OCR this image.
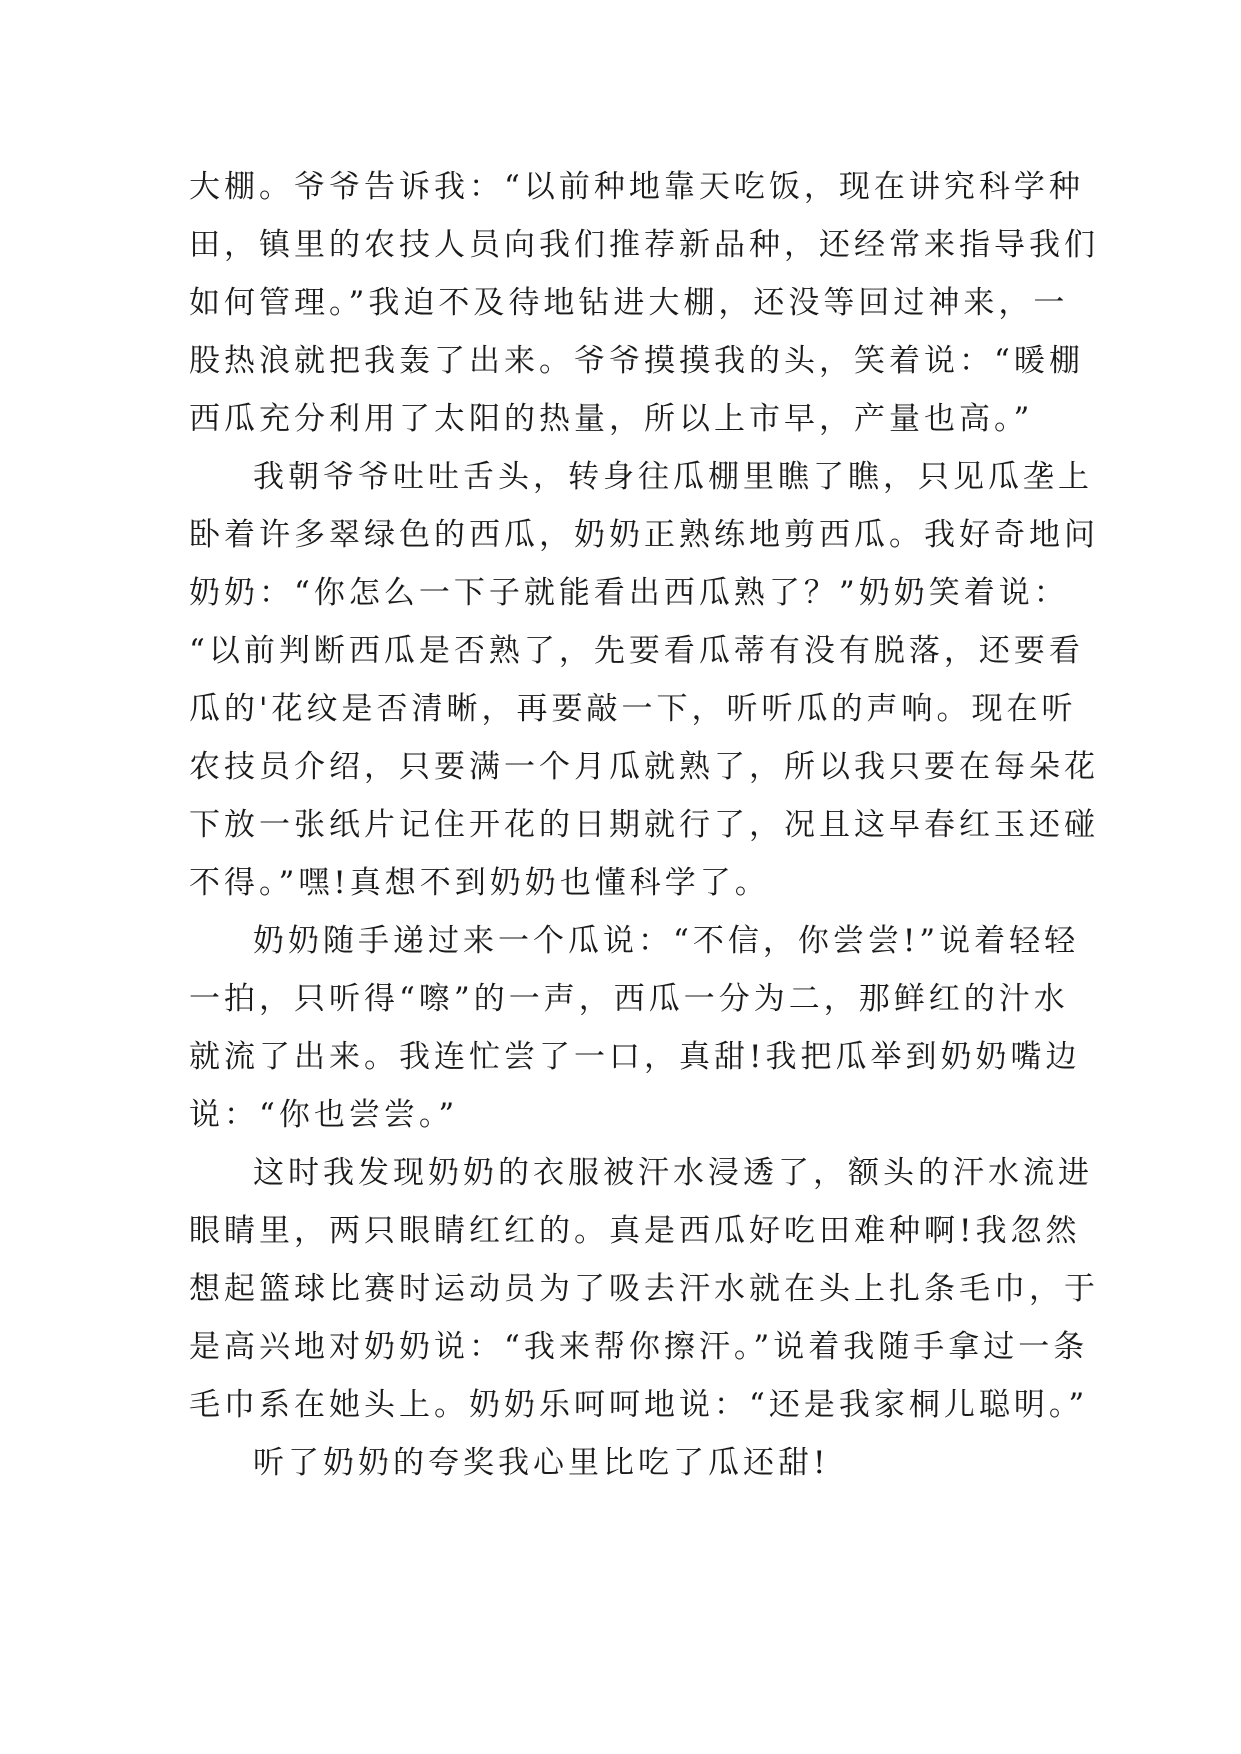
大棚。爷爷告诉我：“以前种地靠天吃饭，现在讲究科学种
田，镇里的农技人员向我们推荐新品种，还经常来指导我们
如何管理。”我迫不及待地钻进大棚，还没等回过神来，一
股热浪就把我轰了出来。爷爷摸摸我的头，笑着说：“暖棚
西瓜充分利用了太阳的热量，所以上市早，产量也高。”
我朝爷爷吐吐舌头，转身往瓜棚里瞧了瞧，只见瓜垄上
卧着许多翠绿色的西瓜，奶奶正熟练地剪西瓜。我好奇地问
奶奶：“你怎么一下子就能看出西瓜熟了？”奶奶笑着说：
“以前判断西瓜是否熟了，先要看瓜蒂有没有脱落，还要看
瓜的'花纹是否清晰，再要敲一下，听听瓜的声响。现在听
农技员介绍，只要满一个月瓜就熟了，所以我只要在每朵花
下放一张纸片记住开花的日期就行了，况且这早春红玉还碰
不得。”嘿!真想不到奶奶也懂科学了。
奶奶随手递过来一个瓜说：“不信，你尝尝!”说着轻轻
一拍，只听得“嚓”的一声，西瓜一分为二，那鲜红的汁水
就流了出来。我连忙尝了一口，真甜!我把瓜举到奶奶嘴边
说：“你也尝尝。”
这时我发现奶奶的衣服被汗水浸透了，额头的汗水流进
眼睛里，两只眼睛红红的。真是西瓜好吃田难种啊!我忽然
想起篮球比赛时运动员为了吸去汗水就在头上扎条毛巾，于
是高兴地对奶奶说：“我来帮你擦汗。”说着我随手拿过一条
毛巾系在她头上。奶奶乐呵呵地说：“还是我家桐儿聪明。”
听了奶奶的夸奖我心里比吃了瓜还甜!
